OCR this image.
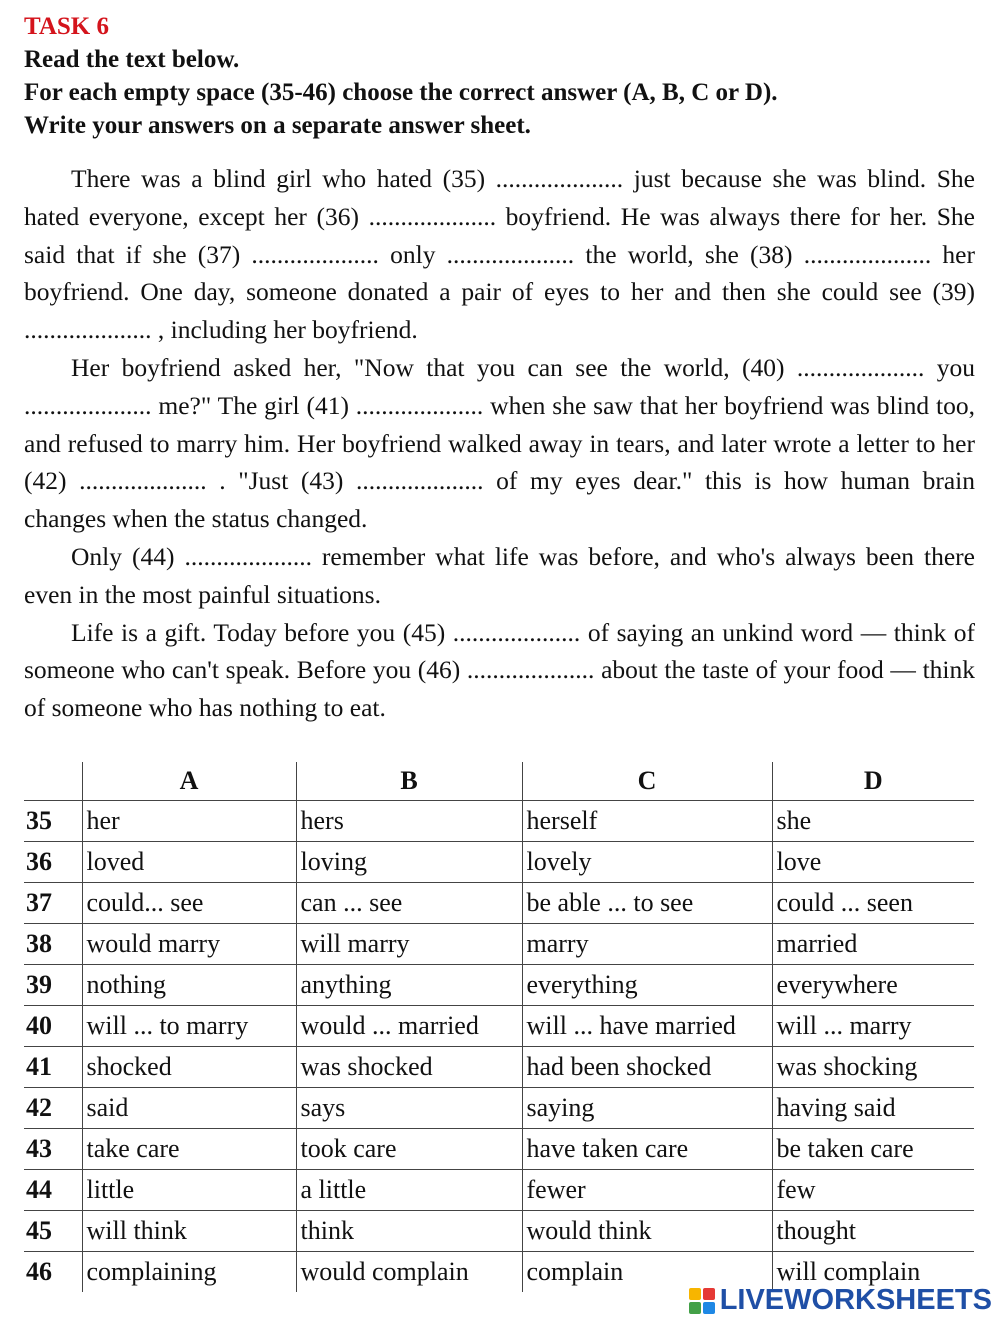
TASK 6
Read the text below.
For each empty space (35-46) choose the correct answer (A, B, C or D).
Write your answers on a separate answer sheet.

There was a blind girl who hated (35) .................... just because she was blind. She hated everyone, except her (36) .................... boyfriend. He was always there for her. She said that if she (37) .................... only .................... the world, she (38) .................... her boyfriend. One day, someone donated a pair of eyes to her and then she could see (39) .................... , including her boyfriend.

Her boyfriend asked her, "Now that you can see the world, (40) .................... you .................... me?" The girl (41) .................... when she saw that her boyfriend was blind too, and refused to marry him. Her boyfriend walked away in tears, and later wrote a letter to her (42) .................... . "Just (43) .................... of my eyes dear." this is how human brain changes when the status changed.

Only (44) .................... remember what life was before, and who's always been there even in the most painful situations.

Life is a gift. Today before you (45) .................... of saying an unkind word — think of someone who can't speak. Before you (46) .................... about the taste of your food — think of someone who has nothing to eat.

	A	B	C	D
35	her	hers	herself	she
36	loved	loving	lovely	love
37	could... see	can ... see	be able ... to see	could ... seen
38	would marry	will marry	marry	married
39	nothing	anything	everything	everywhere
40	will ... to marry	would ... married	will ... have married	will ... marry
41	shocked	was shocked	had been shocked	was shocking
42	said	says	saying	having said
43	take care	took care	have taken care	be taken care
44	little	a little	fewer	few
45	will think	think	would think	thought
46	complaining	would complain	complain	will complain
LIVEWORKSHEETS
